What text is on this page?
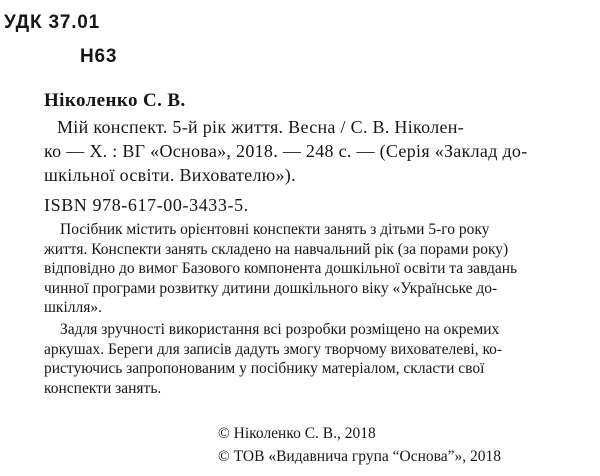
УДК 37.01
Н63
Ніколенко С. В.
Мій конспект. 5-й рік життя. Весна / С. В. Ніколен-
ко — Х. : ВГ «Основа», 2018. — 248 с. — (Серія «Заклад до-
шкільної освіти. Вихователю»).
ISBN 978-617-00-3433-5.
Посібник містить орієнтовні конспекти занять з дітьми 5-го року
життя. Конспекти занять складено на навчальний рік (за порами року)
відповідно до вимог Базового компонента дошкільної освіти та завдань
чинної програми розвитку дитини дошкільного віку «Українське до-
шкілля».
Задля зручності використання всі розробки розміщено на окремих
аркушах. Береги для записів дадуть змогу творчому вихователеві, ко-
ристуючись запропонованим у посібнику матеріалом, скласти свої
конспекти занять.
© Ніколенко С. В., 2018
© ТОВ «Видавнича група “Основа”», 2018
